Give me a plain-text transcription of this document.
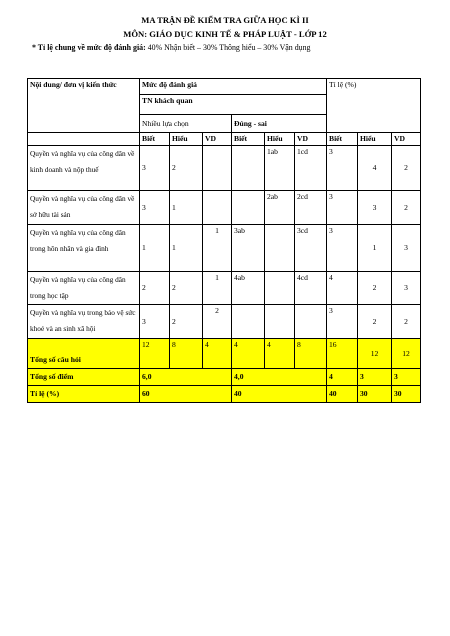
MA TRẬN ĐỀ KIỂM TRA GIỮA HỌC KÌ II
MÔN: GIÁO DỤC KINH TẾ & PHÁP LUẬT - LỚP 12
* Tỉ lệ chung về mức độ đánh giá: 40% Nhận biết – 30% Thông hiểu – 30% Vận dụng
Nội dung/ đơn vị kiến thức	Mức độ đánh giá						Tỉ lệ (%)		
	TN khách quan								
	Nhiều lựa chọn			Đúng - sai					
	Biết	Hiểu	VD	Biết	Hiểu	VD	Biết	Hiểu	VD
Quyền và nghĩa vụ của công dân về kinh doanh và nộp thuế	3	2			1ab	1cd	3	4	2
Quyền và nghĩa vụ của công dân về sở hữu tài sản	3	1			2ab	2cd	3	3	2
Quyền và nghĩa vụ của công dân trong hôn nhân và gia đình	1	1	1	3ab		3cd	3	1	3
Quyền và nghĩa vụ của công dân trong học tập	2	2	1	4ab		4cd	4	2	3
Quyền và nghĩa vụ trong bảo vệ sức khoẻ và an sinh xã hội	3	2	2				3	2	2
Tổng số câu hỏi	12	8	4	4	4	8	16	12	12
Tổng số điểm	6,0			4,0			4	3	3
Tỉ lệ (%)	60			40			40	30	30
